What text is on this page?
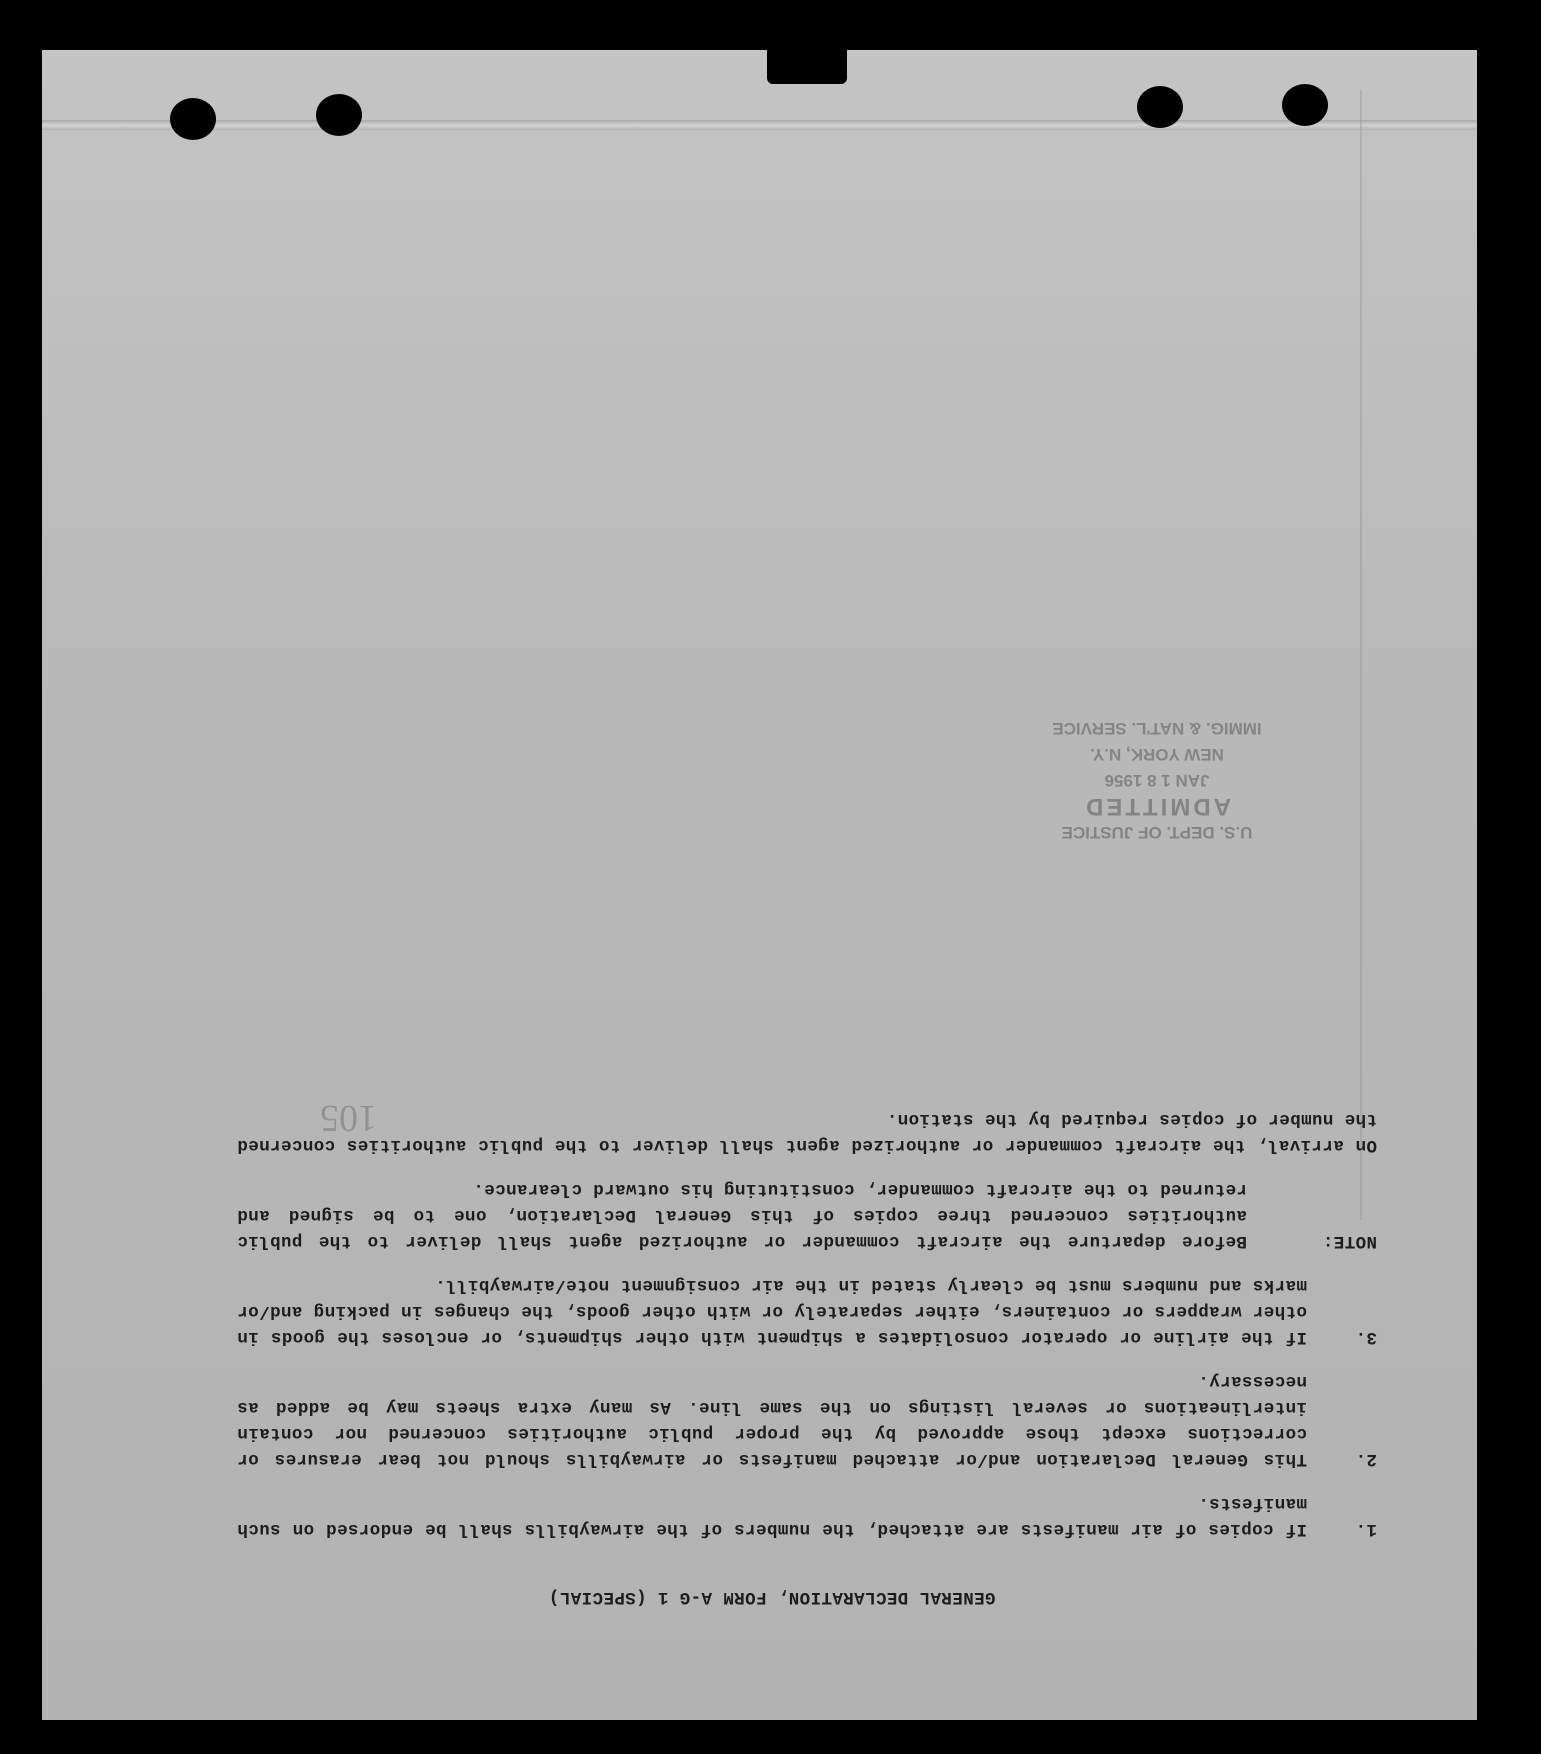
GENERAL DECLARATION, FORM A-G 1 (SPECIAL)
1.
If copies of air manifests are attached, the numbers of the airwaybills shall be endorsed on such manifests.
2.
This General Declaration and/or attached manifests or airwaybills should not bear erasures or corrections except those approved by the proper public authorities concerned nor contain interlineations or several listings on the same line. As many extra sheets may be added as necessary.
3.
If the airline or operator consolidates a shipment with other shipments, or encloses the goods in other wrappers or containers, either separately or with other goods, the changes in packing and/or marks and numbers must be clearly stated in the air consignment note/airwaybill.
NOTE:
Before departure the aircraft commander or authorized agent shall deliver to the public authorities concerned three copies of this General Declaration, one to be signed and returned to the aircraft commander, constituting his outward clearance.
On arrival, the aircraft commander or authorized agent shall deliver to the public authorities concerned the number of copies required by the station.
U.S. DEPT. OF JUSTICE
ADMITTED
JAN 1 8 1956
NEW YORK, N.Y.
IMMIG. & NAT'L. SERVICE
105
